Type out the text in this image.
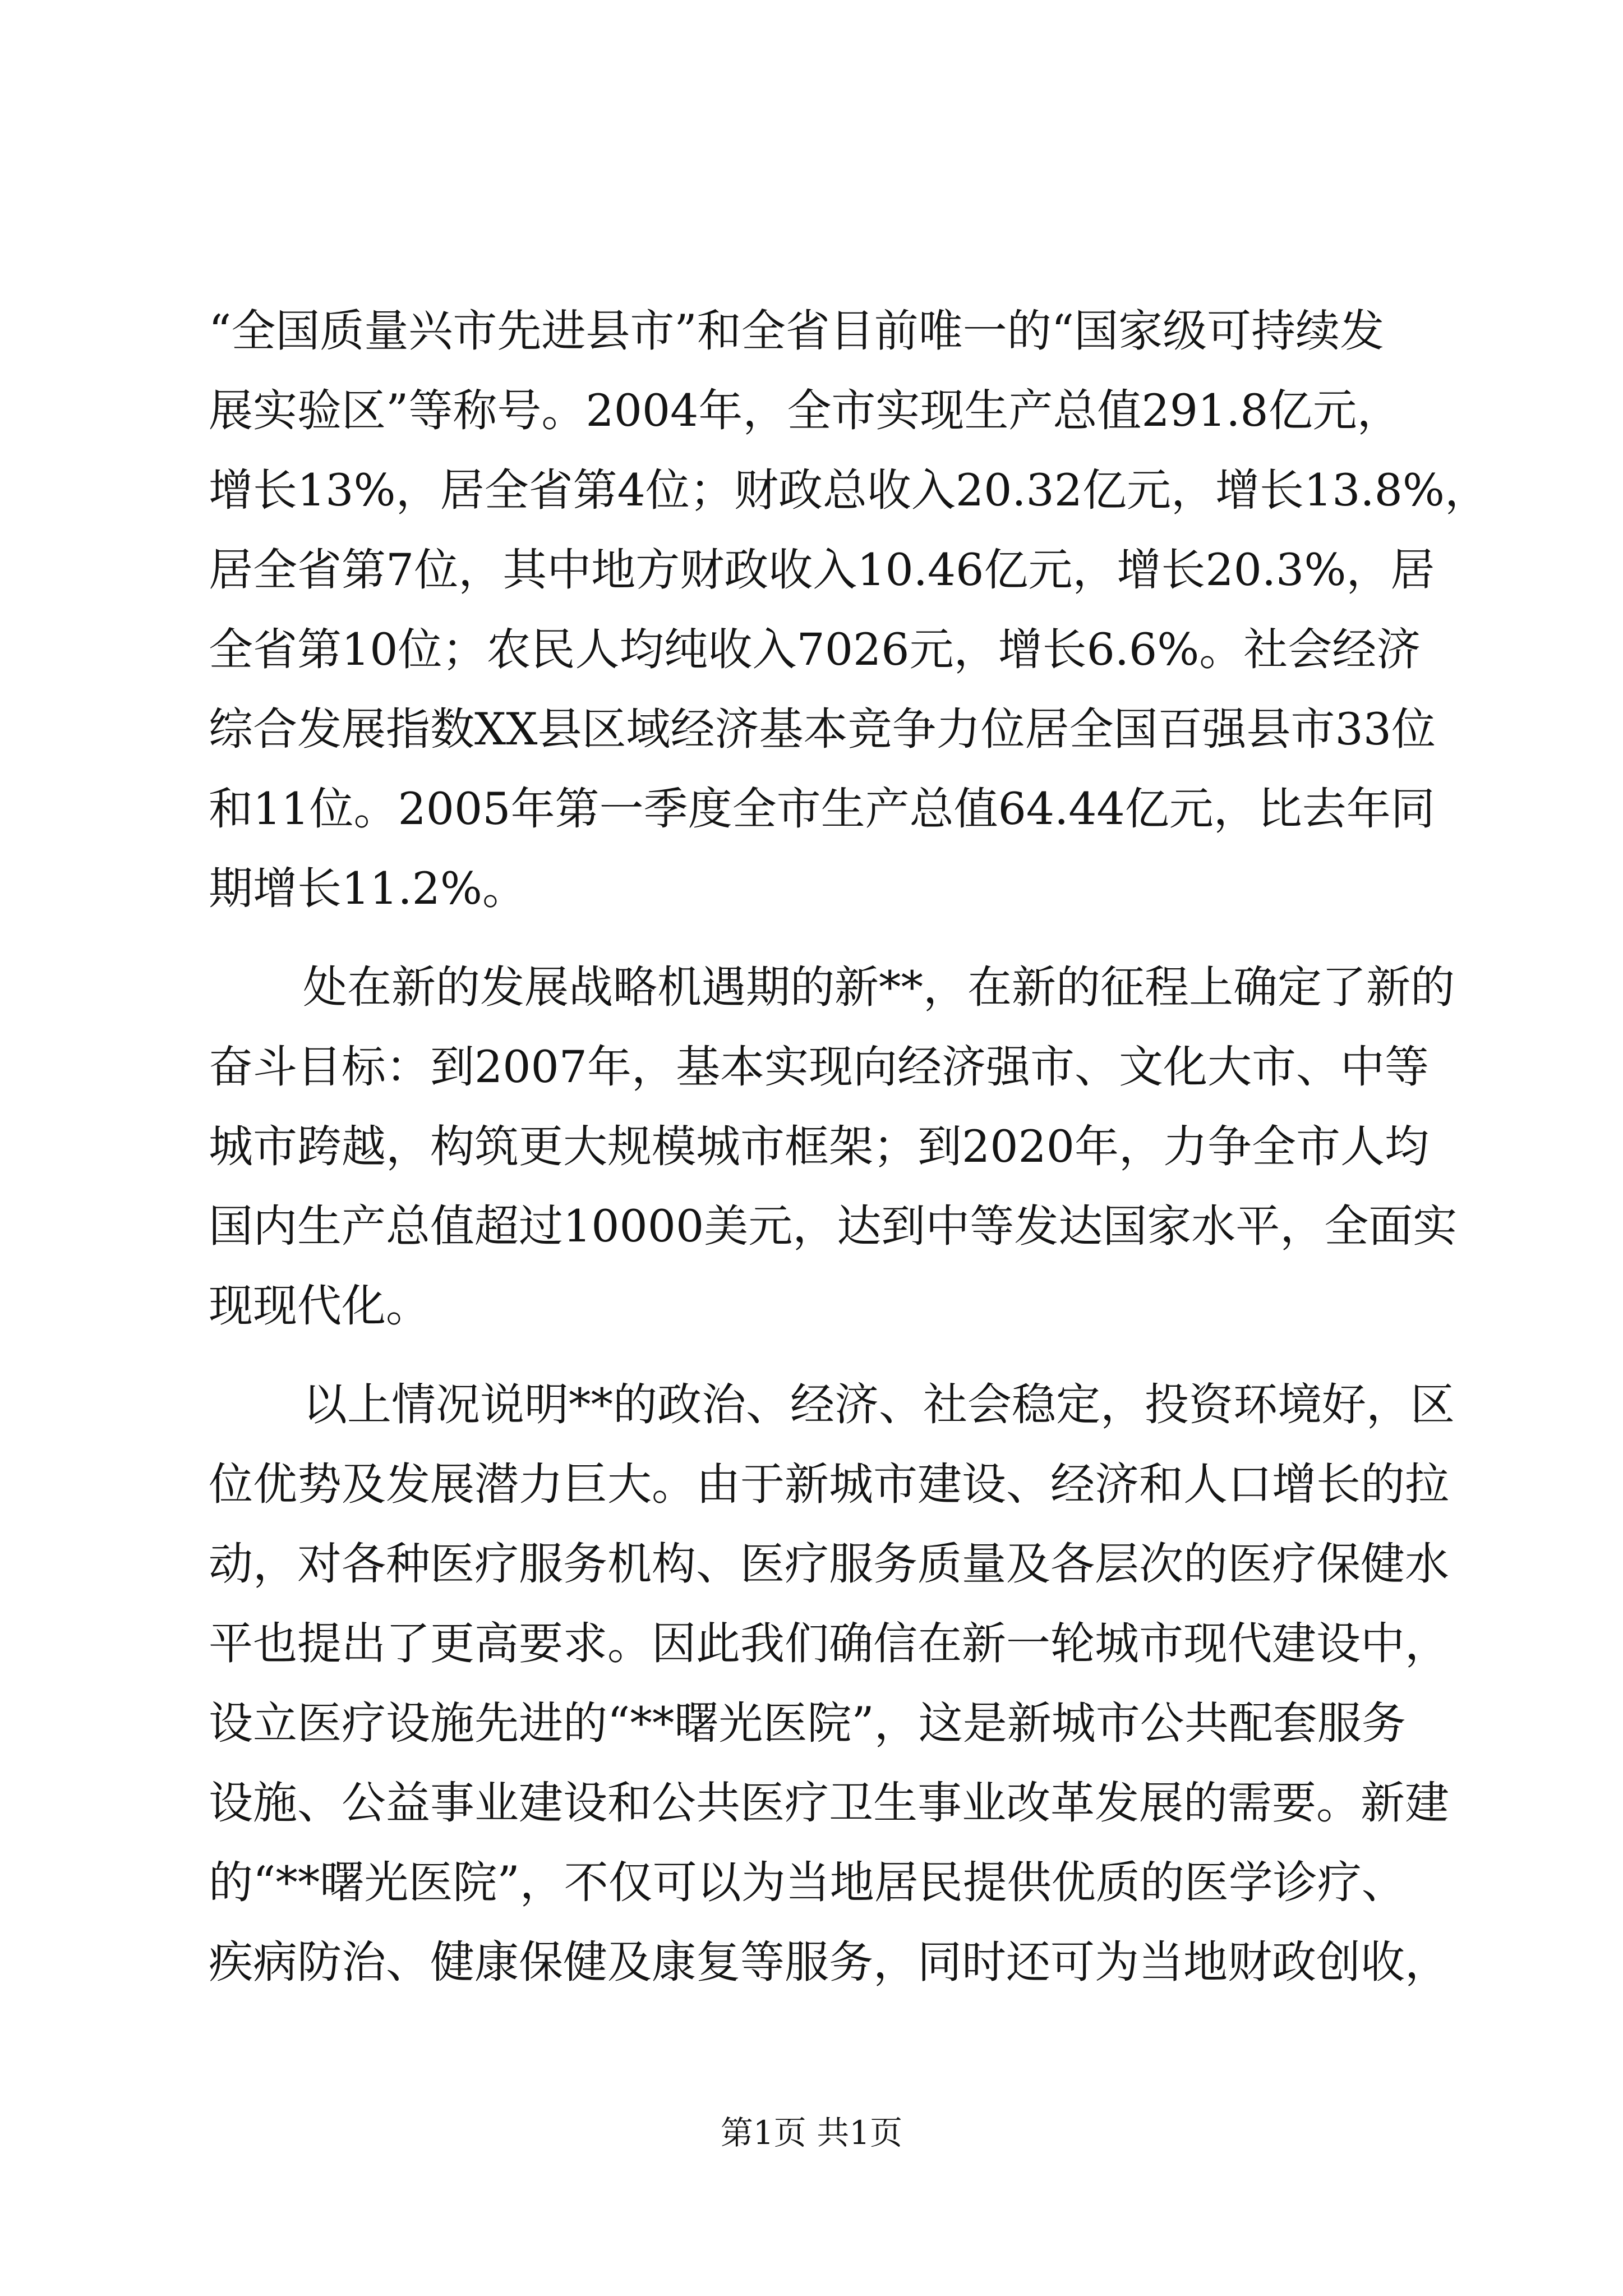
“全国质量兴市先进县市”和全省目前唯一的“国家级可持续发
展实验区”等称号。2004年，全市实现生产总值291.8亿元，
增长13%，居全省第4位；财政总收入20.32亿元，增长13.8%，
居全省第7位，其中地方财政收入10.46亿元，增长20.3%，居
全省第10位；农民人均纯收入7026元，增长6.6%。社会经济
综合发展指数XX县区域经济基本竞争力位居全国百强县市33位
和11位。2005年第一季度全市生产总值64.44亿元，比去年同
期增长11.2%。
处在新的发展战略机遇期的新**，在新的征程上确定了新的
奋斗目标：到2007年，基本实现向经济强市、文化大市、中等
城市跨越，构筑更大规模城市框架；到2020年，力争全市人均
国内生产总值超过10000美元，达到中等发达国家水平，全面实
现现代化。
以上情况说明**的政治、经济、社会稳定，投资环境好，区
位优势及发展潜力巨大。由于新城市建设、经济和人口增长的拉
动，对各种医疗服务机构、医疗服务质量及各层次的医疗保健水
平也提出了更高要求。因此我们确信在新一轮城市现代建设中，
设立医疗设施先进的“**曙光医院”，这是新城市公共配套服务
设施、公益事业建设和公共医疗卫生事业改革发展的需要。新建
的“**曙光医院”，不仅可以为当地居民提供优质的医学诊疗、
疾病防治、健康保健及康复等服务，同时还可为当地财政创收，
第1页 共1页
